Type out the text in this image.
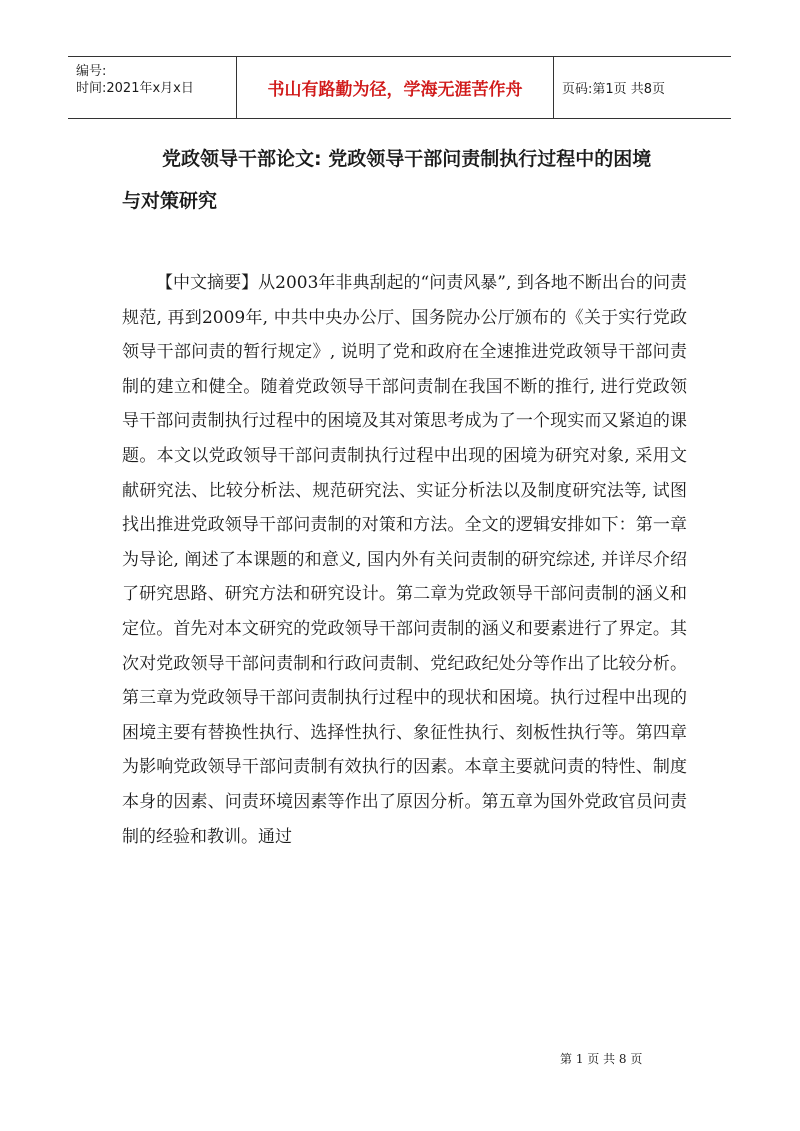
编号:
时间:2021年x月x日	书山有路勤为径，学海无涯苦作舟	页码:第1页 共8页
党政领导干部论文: 党政领导干部问责制执行过程中的困境
与对策研究

【中文摘要】从2003年非典刮起的“问责风暴”, 到各地不断出台的问责规范, 再到2009年, 中共中央办公厅、国务院办公厅颁布的《关于实行党政领导干部问责的暂行规定》, 说明了党和政府在全速推进党政领导干部问责制的建立和健全。随着党政领导干部问责制在我国不断的推行, 进行党政领导干部问责制执行过程中的困境及其对策思考成为了一个现实而又紧迫的课题。本文以党政领导干部问责制执行过程中出现的困境为研究对象, 采用文献研究法、比较分析法、规范研究法、实证分析法以及制度研究法等, 试图找出推进党政领导干部问责制的对策和方法。全文的逻辑安排如下：第一章为导论, 阐述了本课题的和意义, 国内外有关问责制的研究综述, 并详尽介绍了研究思路、研究方法和研究设计。第二章为党政领导干部问责制的涵义和定位。首先对本文研究的党政领导干部问责制的涵义和要素进行了界定。其次对党政领导干部问责制和行政问责制、党纪政纪处分等作出了比较分析。第三章为党政领导干部问责制执行过程中的现状和困境。执行过程中出现的困境主要有替换性执行、选择性执行、象征性执行、刻板性执行等。第四章为影响党政领导干部问责制有效执行的因素。本章主要就问责的特性、制度本身的因素、问责环境因素等作出了原因分析。第五章为国外党政官员问责制的经验和教训。通过

第 1 页 共 8 页
